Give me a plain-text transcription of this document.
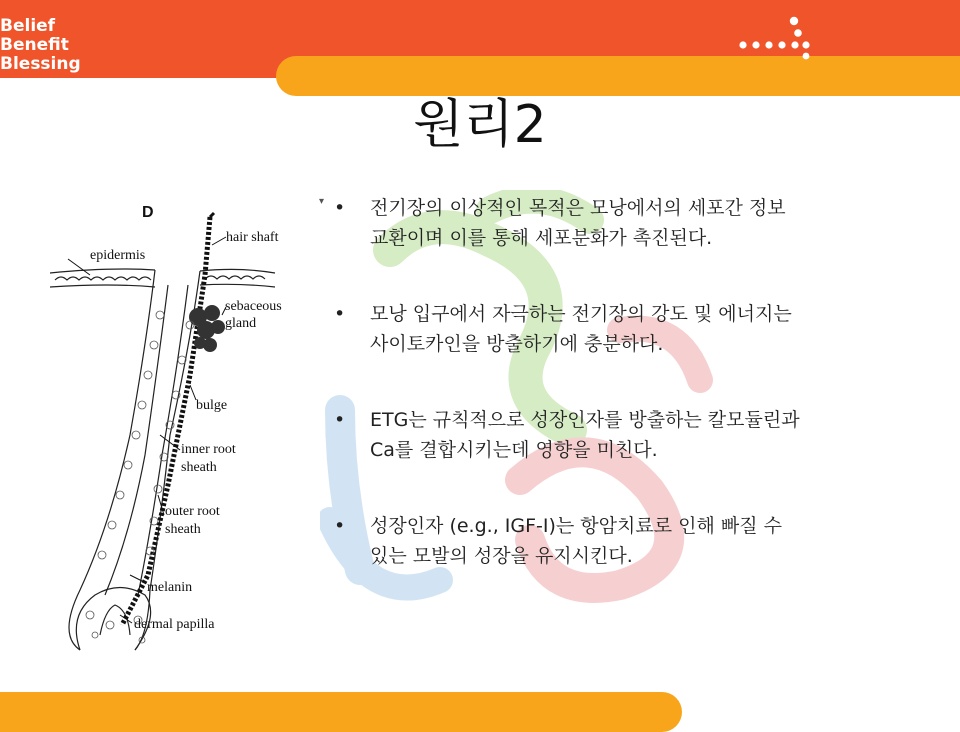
Belief
Benefit
Blessing
원리2
D
hair shaft
epidermis
sebaceous
gland
bulge
inner root
sheath
outer root
sheath
melanin
dermal papilla
▾ • 전기장의 이상적인 목적은 모낭에서의 세포간 정보
교환이며 이를 통해 세포분화가 촉진된다.
• 모낭 입구에서 자극하는 전기장의 강도 및 에너지는
사이토카인을 방출하기에 충분하다.
• ETG는 규칙적으로 성장인자를 방출하는 칼모듈린과
Ca를 결합시키는데 영향을 미친다.
• 성장인자 (e.g., IGF-I)는 항암치료로 인해 빠질 수
있는 모발의 성장을 유지시킨다.
